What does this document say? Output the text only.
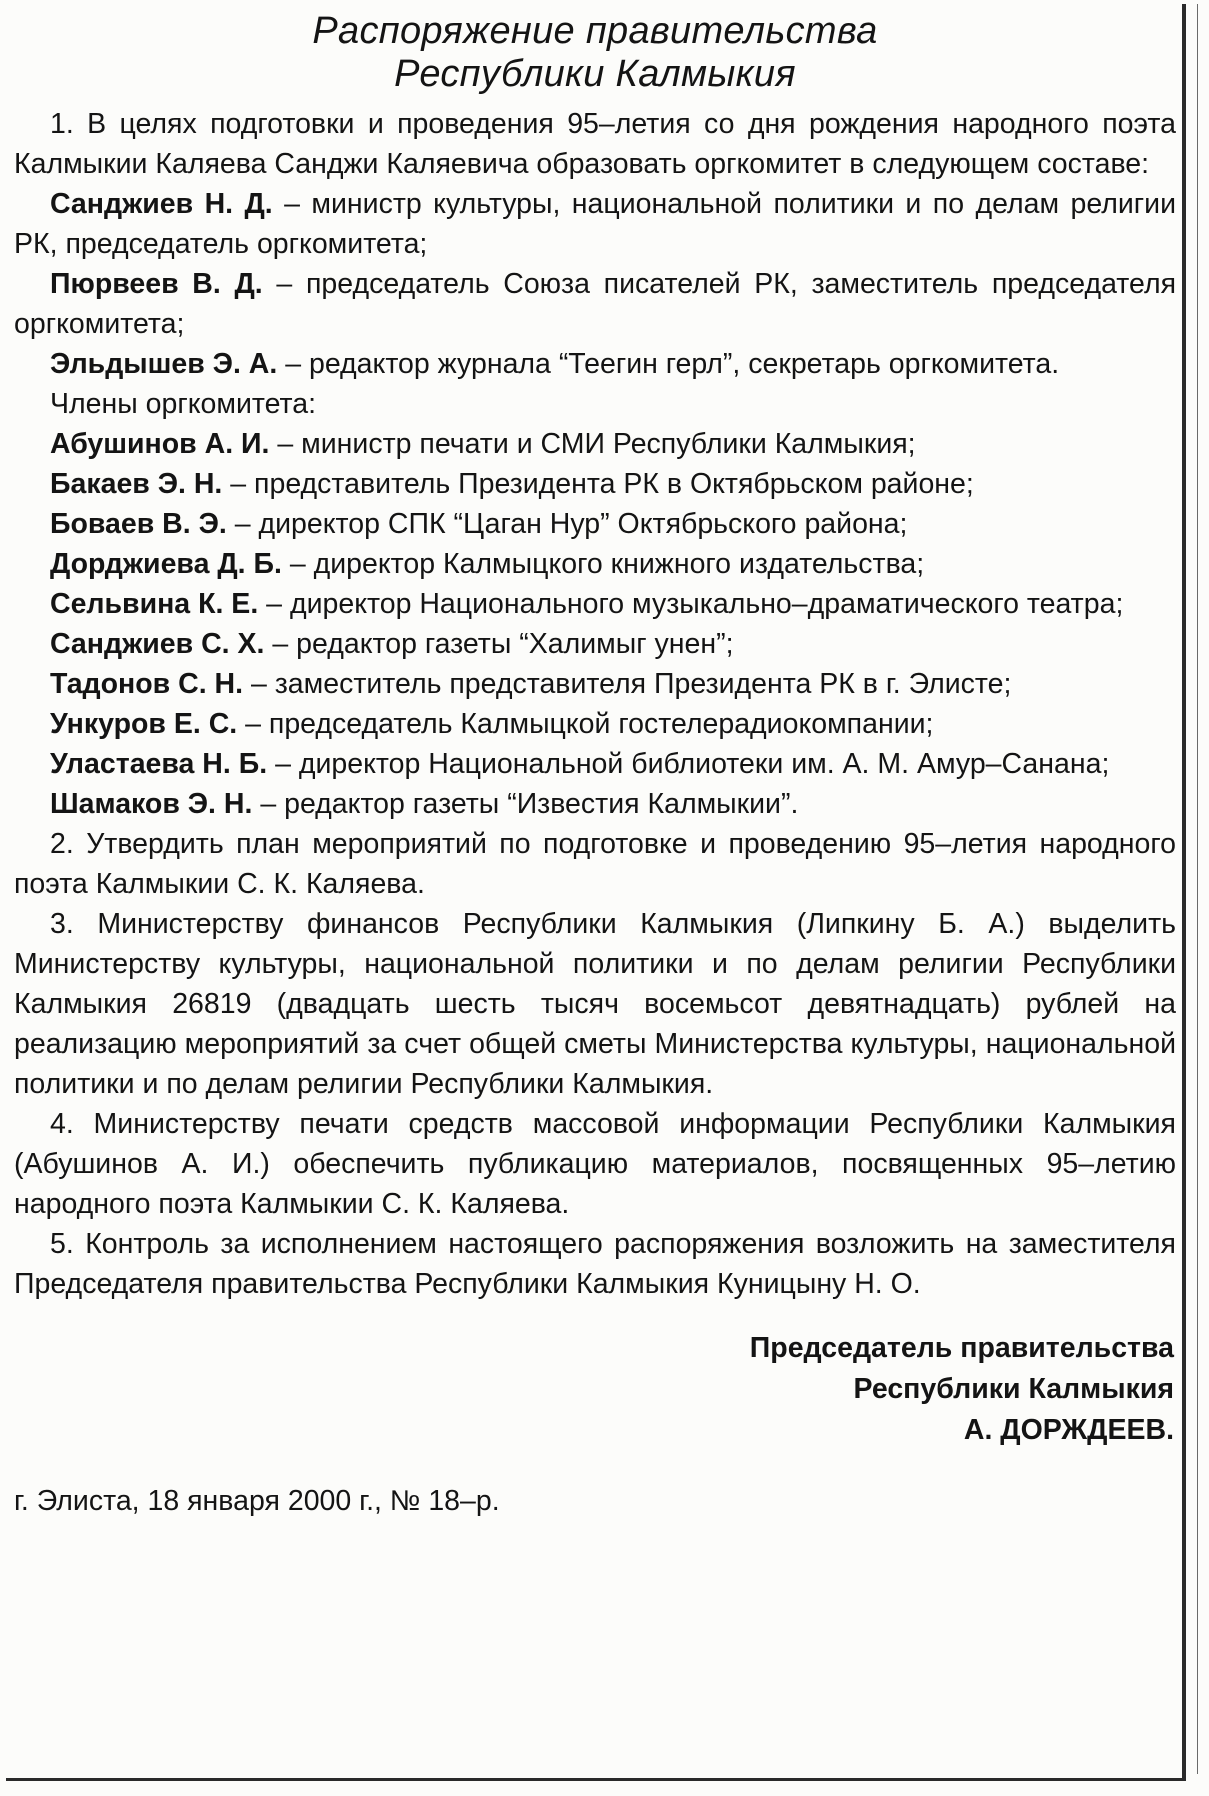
Распоряжение правительства
Республики Калмыкия

1. В целях подготовки и проведения 95–летия со дня рождения народного поэта Калмыкии Каляева Санджи Каляевича образовать оргкомитет в следующем составе:

Санджиев Н. Д. – министр культуры, национальной политики и по делам религии РК, председатель оргкомитета;

Пюрвеев В. Д. – председатель Союза писателей РК, заместитель председателя оргкомитета;

Эльдышев Э. А. – редактор журнала “Теегин герл”, секретарь оргкомитета.

Члены оргкомитета:

Абушинов А. И. – министр печати и СМИ Республики Калмыкия;

Бакаев Э. Н. – представитель Президента РК в Октябрьском районе;

Боваев В. Э. – директор СПК “Цаган Нур” Октябрьского района;

Дорджиева Д. Б. – директор Калмыцкого книжного издательства;

Сельвина К. Е. – директор Национального музыкально–драматического театра;

Санджиев С. Х. – редактор газеты “Халимыг унен”;

Тадонов С. Н. – заместитель представителя Президента РК в г. Элисте;

Ункуров Е. С. – председатель Калмыцкой гостелерадиокомпании;

Уластаева Н. Б. – директор Национальной библиотеки им. А. М. Амур–Санана;

Шамаков Э. Н. – редактор газеты “Известия Калмыкии”.

2. Утвердить план мероприятий по подготовке и проведению 95–летия народного поэта Калмыкии С. К. Каляева.

3. Министерству финансов Республики Калмыкия (Липкину Б. А.) выделить Министерству культуры, национальной политики и по делам религии Республики Калмыкия 26819 (двадцать шесть тысяч восемьсот девятнадцать) рублей на реализацию мероприятий за счет общей сметы Министерства культуры, национальной политики и по делам религии Республики Калмыкия.

4. Министерству печати средств массовой информации Республики Калмыкия (Абушинов А. И.) обеспечить публикацию материалов, посвященных 95–летию народного поэта Калмыкии С. К. Каляева.

5. Контроль за исполнением настоящего распоряжения возложить на заместителя Председателя правительства Республики Калмыкия Куницыну Н. О.

Председатель правительства
Республики Калмыкия
А. ДОРЖДЕЕВ.
г. Элиста, 18 января 2000 г., № 18–р.
